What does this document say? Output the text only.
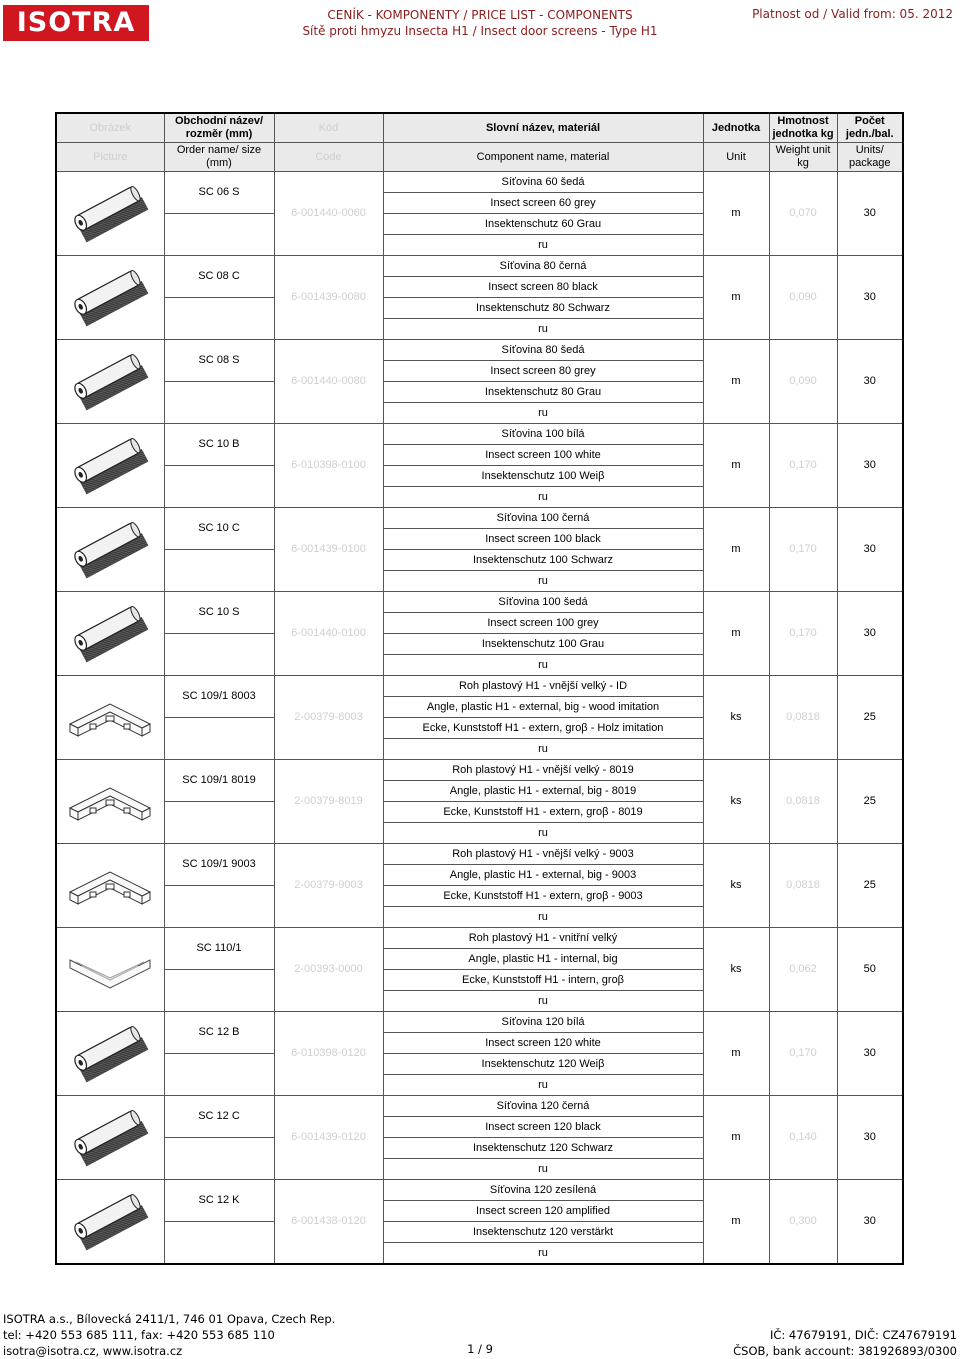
ISOTRA	CENÍK - KOMPONENTY / PRICE LIST - COMPONENTS
Sítě proti hmyzu Insecta H1 / Insect door screens - Type H1
Platnost od / Valid from: 05. 2012
Obrázek	Obchodní název/ rozměr (mm)	Kód	Slovní název, materiál	Jednotka	Hmotnost jednotka kg	Počet jedn./bal.
Picture	Order name/ size (mm)	Code	Component name, material	Unit	Weight unit kg	Units/ package

	SC 06 S	6-001440-0060	Síťovina 60 šedá	m	0,070	30
			Insect screen 60 grey			
			Insektenschutz 60 Grau			
			ru			

	SC 08 C	6-001439-0080	Síťovina 80 černá	m	0,090	30
			Insect screen 80 black			
			Insektenschutz 80 Schwarz			
			ru			

	SC 08 S	6-001440-0080	Síťovina 80 šedá	m	0,090	30
			Insect screen 80 grey			
			Insektenschutz 80 Grau			
			ru			

	SC 10 B	6-010398-0100	Síťovina 100 bílá	m	0,170	30
			Insect screen 100 white			
			Insektenschutz 100 Weiβ			
			ru			

	SC 10 C	6-001439-0100	Síťovina 100 černá	m	0,170	30
			Insect screen 100 black			
			Insektenschutz 100 Schwarz			
			ru			

	SC 10 S	6-001440-0100	Síťovina 100 šedá	m	0,170	30
			Insect screen 100 grey			
			Insektenschutz 100 Grau			
			ru			

	SC 109/1 8003	2-00379-8003	Roh plastový H1 - vnější velký - ID	ks	0,0818	25
			Angle, plastic H1 - external, big - wood imitation			
			Ecke, Kunststoff H1 - extern, groβ - Holz imitation			
			ru			

	SC 109/1 8019	2-00379-8019	Roh plastový H1 - vnější velký - 8019	ks	0,0818	25
			Angle, plastic H1 - external, big - 8019			
			Ecke, Kunststoff H1 - extern, groβ - 8019			
			ru			

	SC 109/1 9003	2-00379-9003	Roh plastový H1 - vnější velký - 9003	ks	0,0818	25
			Angle, plastic H1 - external, big - 9003			
			Ecke, Kunststoff H1 - extern, groβ - 9003			
			ru			

	SC 110/1	2-00393-0000	Roh plastový H1 - vnitřní velký	ks	0,062	50
			Angle, plastic H1 - internal, big			
			Ecke, Kunststoff H1 - intern, groβ			
			ru			

	SC 12 B	6-010398-0120	Síťovina 120 bílá	m	0,170	30
			Insect screen 120 white			
			Insektenschutz 120 Weiβ			
			ru			

	SC 12 C	6-001439-0120	Síťovina 120 černá	m	0,140	30
			Insect screen 120 black			
			Insektenschutz 120 Schwarz			
			ru			

	SC 12 K	6-001438-0120	Síťovina 120 zesílená	m	0,300	30
			Insect screen 120 amplified			
			Insektenschutz 120 verstärkt			
			ru			
ISOTRA a.s., Bílovecká 2411/1, 746 01 Opava, Czech Rep.
tel: +420 553 685 111, fax: +420 553 685 110
isotra@isotra.cz, www.isotra.cz	1 / 9
IČ: 47679191, DIČ: CZ47679191
ČSOB, bank account: 381926893/0300
